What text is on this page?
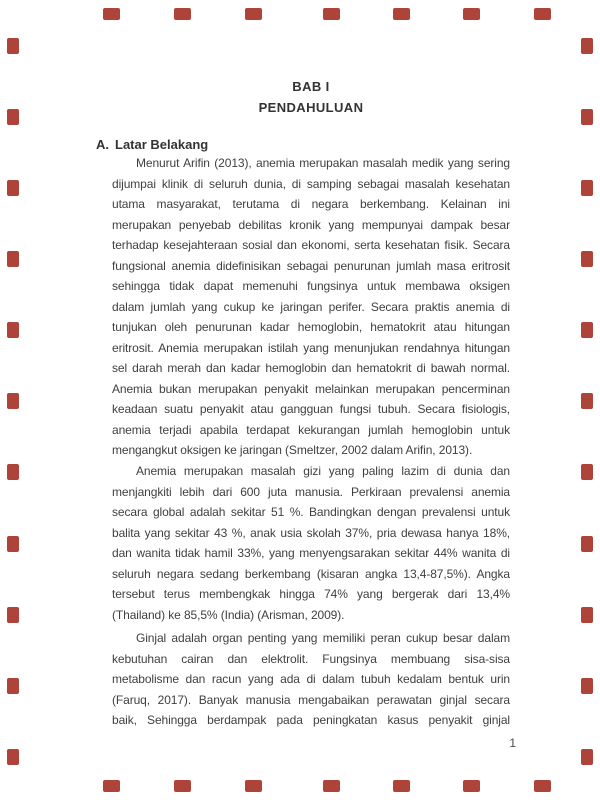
BAB I
PENDAHULUAN
A. Latar Belakang
Menurut Arifin (2013), anemia merupakan masalah medik yang sering
dijumpai klinik di seluruh dunia, di samping sebagai masalah kesehatan
utama masyarakat, terutama di negara berkembang. Kelainan ini
merupakan penyebab debilitas kronik yang mempunyai dampak besar
terhadap kesejahteraan sosial dan ekonomi, serta kesehatan fisik. Secara
fungsional anemia didefinisikan sebagai penurunan jumlah masa eritrosit
sehingga tidak dapat memenuhi fungsinya untuk membawa oksigen
dalam jumlah yang cukup ke jaringan perifer. Secara praktis anemia di
tunjukan oleh penurunan kadar hemoglobin, hematokrit atau hitungan
eritrosit. Anemia merupakan istilah yang menunjukan rendahnya hitungan
sel darah merah dan kadar hemoglobin dan hematokrit di bawah normal.
Anemia bukan merupakan penyakit melainkan merupakan pencerminan
keadaan suatu penyakit atau gangguan fungsi tubuh. Secara fisiologis,
anemia terjadi apabila terdapat kekurangan jumlah hemoglobin untuk
mengangkut oksigen ke jaringan (Smeltzer, 2002 dalam Arifin, 2013).
Anemia merupakan masalah gizi yang paling lazim di dunia dan
menjangkiti lebih dari 600 juta manusia. Perkiraan prevalensi anemia
secara global adalah sekitar 51 %. Bandingkan dengan prevalensi untuk
balita yang sekitar 43 %, anak usia skolah 37%, pria dewasa hanya 18%,
dan wanita tidak hamil 33%, yang menyengsarakan sekitar 44% wanita di
seluruh negara sedang berkembang (kisaran angka 13,4-87,5%). Angka
tersebut terus membengkak hingga 74% yang bergerak dari 13,4%
(Thailand) ke 85,5% (India) (Arisman, 2009).
Ginjal adalah organ penting yang memiliki peran cukup besar dalam
kebutuhan cairan dan elektrolit. Fungsinya membuang sisa-sisa
metabolisme dan racun yang ada di dalam tubuh kedalam bentuk urin
(Faruq, 2017). Banyak manusia mengabaikan perawatan ginjal secara
baik, Sehingga berdampak pada peningkatan kasus penyakit ginjal
1
